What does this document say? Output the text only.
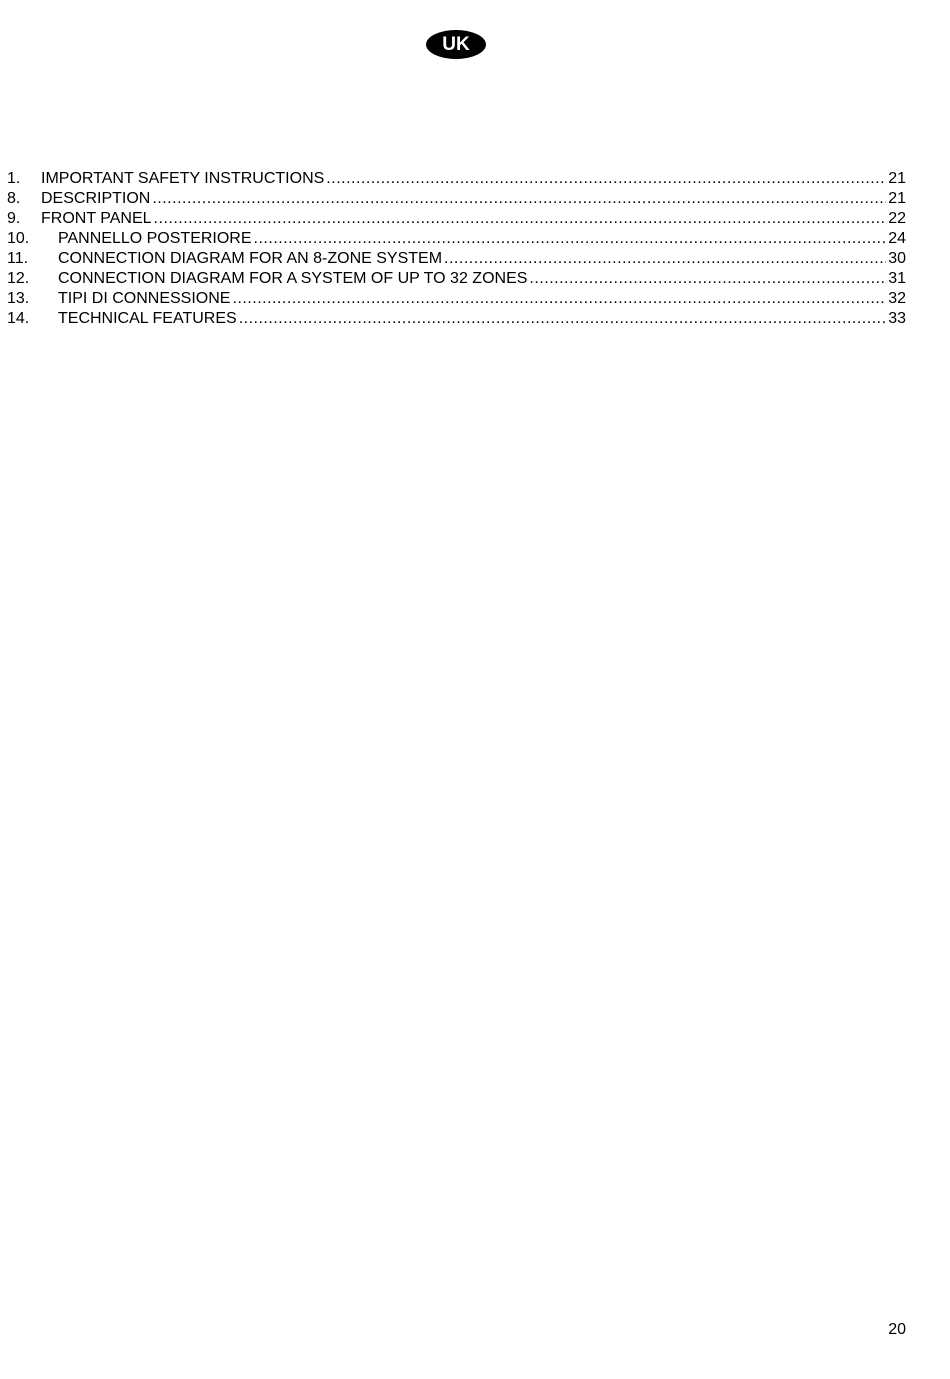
UK
1. IMPORTANT SAFETY INSTRUCTIONS .....	21
8. DESCRIPTION .....	21
9. FRONT PANEL .....	22
10. PANNELLO POSTERIORE .....	24
11. CONNECTION DIAGRAM FOR AN 8-ZONE SYSTEM .....	30
12. CONNECTION DIAGRAM FOR A SYSTEM OF UP TO 32 ZONES .....	31
13. TIPI DI CONNESSIONE .....	32
14. TECHNICAL FEATURES .....	33
20
